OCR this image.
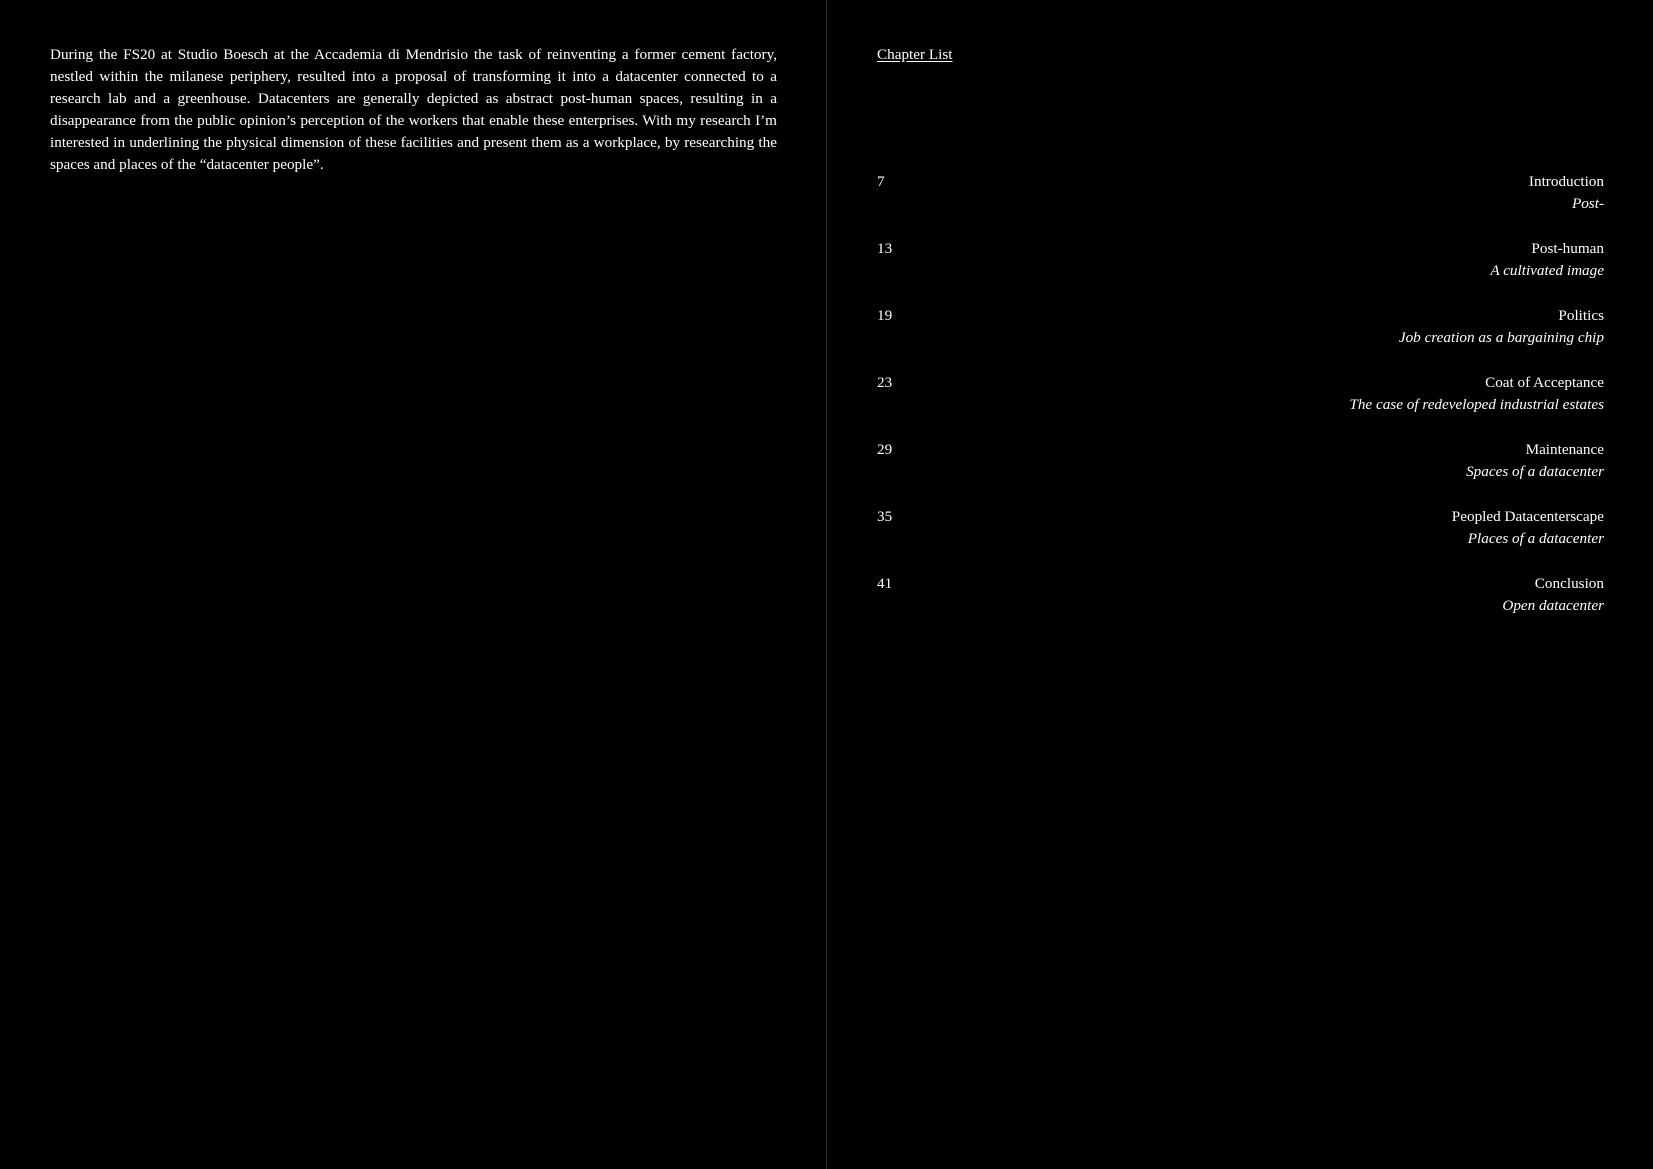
During the FS20 at Studio Boesch at the Accademia di Mendrisio the task of reinventing a former cement factory, nestled within the milanese periphery, resulted into a proposal of transforming it into a datacenter connected to a research lab and a greenhouse. Datacenters are generally depicted as abstract post-human spaces, resulting in a disappearance from the public opinion’s perception of the workers that enable these enterprises. With my research I’m interested in underlining the physical dimension of these facilities and present them as a workplace, by researching the spaces and places of the “datacenter people”.

Chapter List
7	Introduction
Post-
13	Post-human
A cultivated image
19	Politics
Job creation as a bargaining chip
23	Coat of Acceptance
The case of redeveloped industrial estates
29	Maintenance
Spaces of a datacenter
35	Peopled Datacenterscape
Places of a datacenter
41	Conclusion
Open datacenter
